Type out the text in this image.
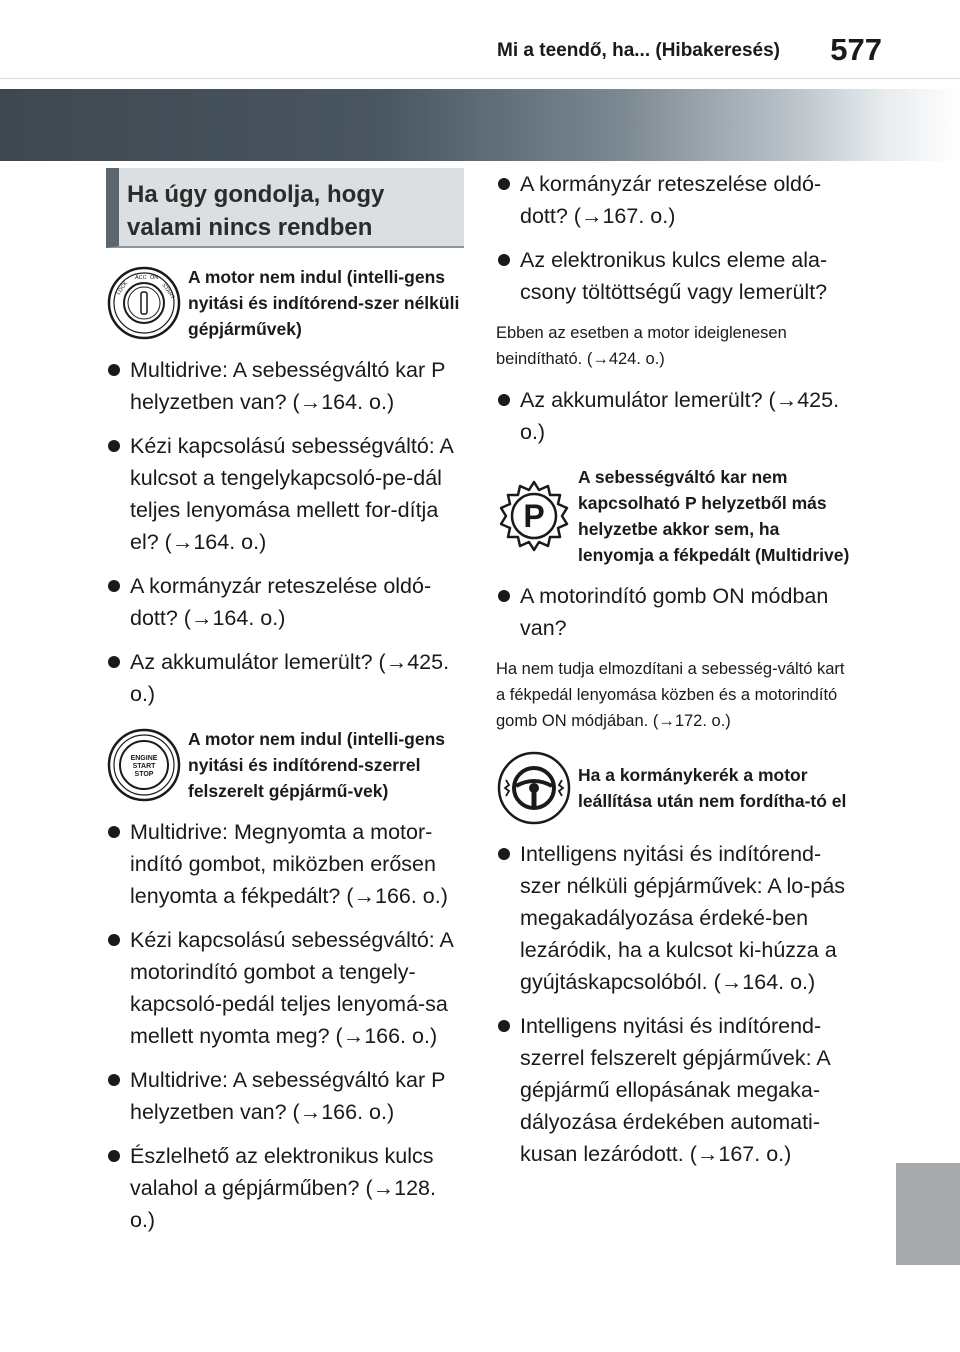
Mi a teendő, ha... (Hibakeresés) 577
Ha úgy gondolja, hogy valami nincs rendben
LOCK
ACC ON
START
A motor nem indul (intelli-gens nyitási és indítórend-szer nélküli gépjárművek)
Multidrive: A sebességváltó kar P helyzetben van? (→164. o.)
Kézi kapcsolású sebességváltó: A kulcsot a tengelykapcsoló-pe-dál teljes lenyomása mellett for-dítja el? (→164. o.)
A kormányzár reteszelése oldó-dott? (→164. o.)
Az akkumulátor lemerült? (→425. o.)
ENGINE
START
STOP
A motor nem indul (intelli-gens nyitási és indítórend-szerrel felszerelt gépjármű-vek)
Multidrive: Megnyomta a motor-indító gombot, miközben erősen lenyomta a fékpedált? (→166. o.)
Kézi kapcsolású sebességváltó: A motorindító gombot a tengely-kapcsoló-pedál teljes lenyomá-sa mellett nyomta meg? (→166. o.)
Multidrive: A sebességváltó kar P helyzetben van? (→166. o.)
Észlelhető az elektronikus kulcs valahol a gépjárműben? (→128. o.)
A kormányzár reteszelése oldó-dott? (→167. o.)
Az elektronikus kulcs eleme ala-csony töltöttségű vagy lemerült?
Ebben az esetben a motor ideiglenesen beindítható. (→424. o.)
Az akkumulátor lemerült? (→425. o.)
P
A sebességváltó kar nem kapcsolható P helyzetből más helyzetbe akkor sem, ha lenyomja a fékpedált (Multidrive)
A motorindító gomb ON módban van?
Ha nem tudja elmozdítani a sebesség-váltó kart a fékpedál lenyomása közben és a motorindító gomb ON módjában. (→172. o.)
Ha a kormánykerék a motor leállítása után nem fordítha-tó el
Intelligens nyitási és indítórend-szer nélküli gépjárművek: A lo-pás megakadályozása érdeké-ben lezáródik, ha a kulcsot ki-húzza a gyújtáskapcsolóból. (→164. o.)
Intelligens nyitási és indítórend-szerrel felszerelt gépjárművek: A gépjármű ellopásának megaka-dályozása érdekében automati-kusan lezáródott. (→167. o.)
